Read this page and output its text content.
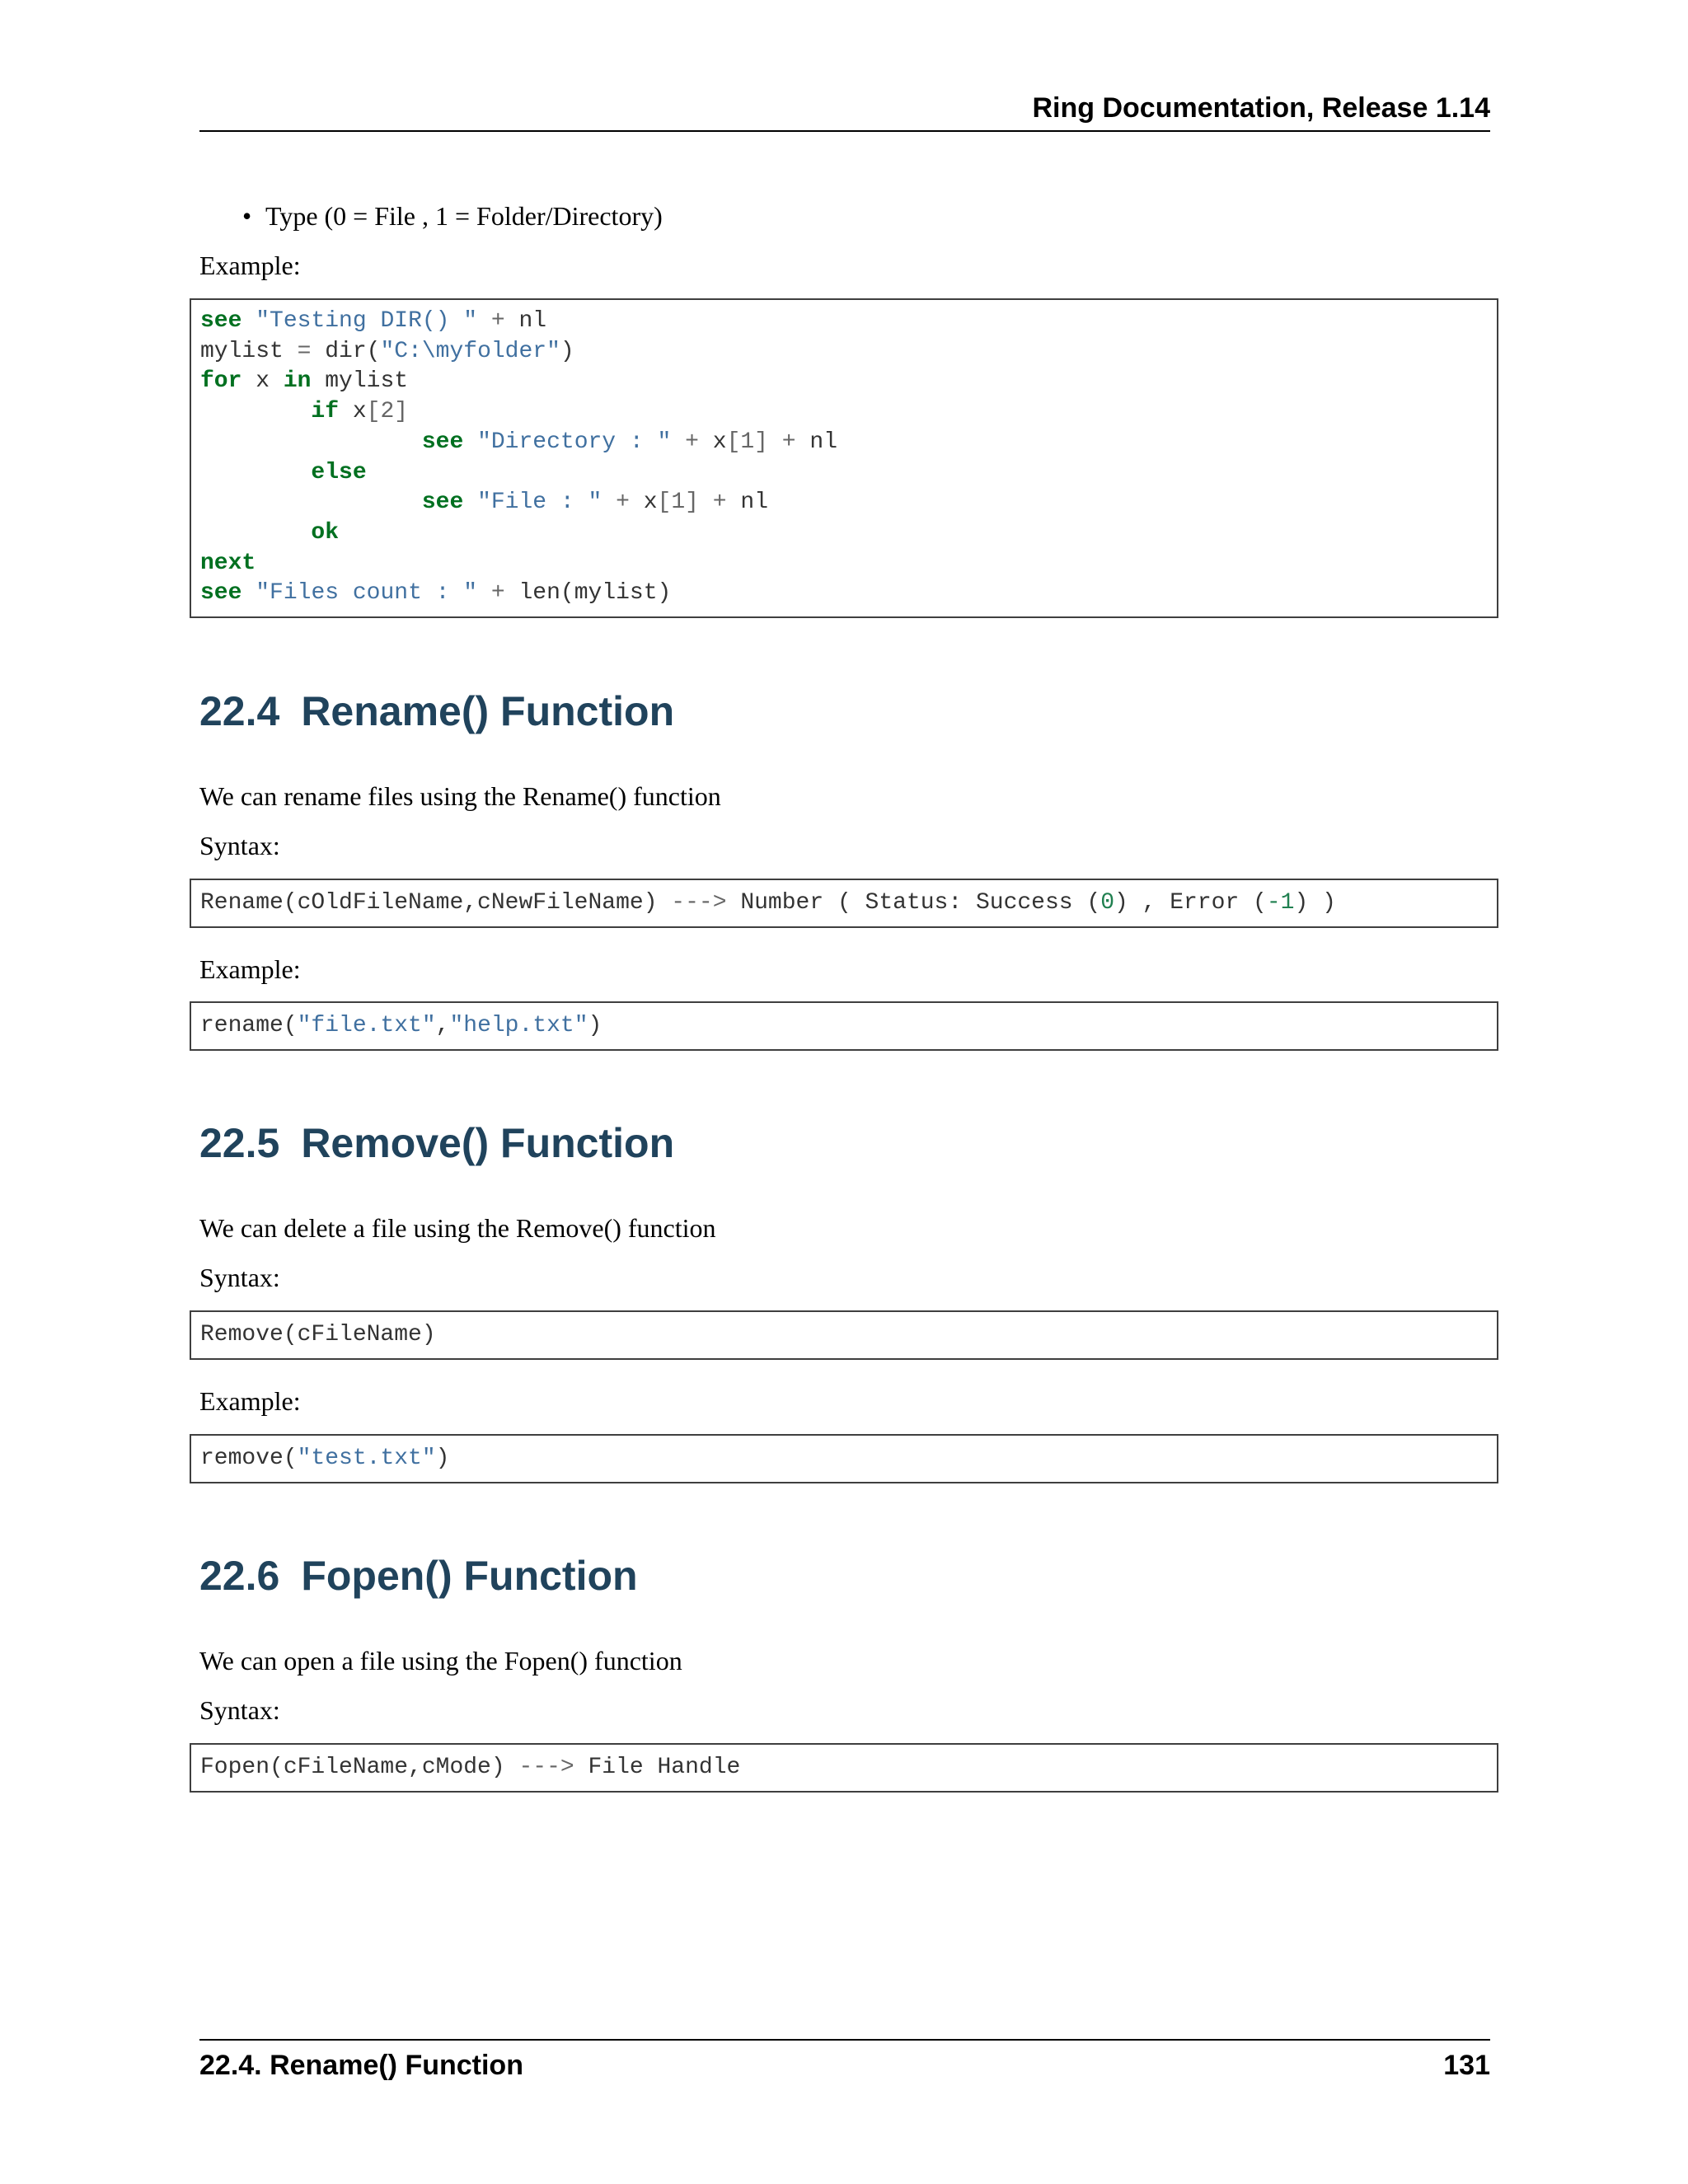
Ring Documentation, Release 1.14
• Type (0 = File , 1 = Folder/Directory)
Example:
see "Testing DIR() " + nl
mylist = dir("C:\myfolder")
for x in mylist
if x[2]
see "Directory : " + x[1] + nl
else
see "File : " + x[1] + nl
ok
next
see "Files count : " + len(mylist)
22.4 Rename() Function
We can rename files using the Rename() function
Syntax:
Rename(cOldFileName,cNewFileName) ---> Number ( Status: Success (0) , Error (-1) )
Example:
rename("file.txt","help.txt")
22.5 Remove() Function
We can delete a file using the Remove() function
Syntax:
Remove(cFileName)
Example:
remove("test.txt")
22.6 Fopen() Function
We can open a file using the Fopen() function
Syntax:
Fopen(cFileName,cMode) ---> File Handle
22.4. Rename() Function	131
